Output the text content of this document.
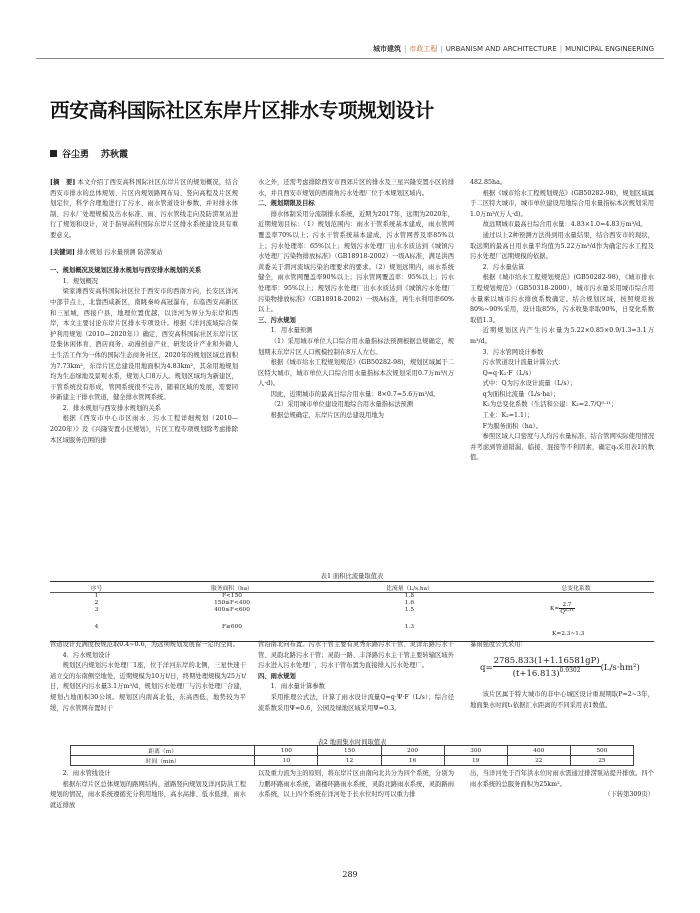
城市建筑 | 市政工程 | URBANISM AND ARCHITECTURE | MUNICIPAL ENGINEERING
西安高科国际社区东岸片区排水专项规划设计
谷尘勇 苏秋霞

[摘　要] 本文介绍了西安高科国际社区东岸片区的规划概况，结合西安市排水的总体规划、片区内规划路网布局、竖向高程及片区规划定位，科学合理地进行了污水、雨水管道设计参数，并对排水体制、污水厂处理规模及出水标准、雨、污水管线走向及防涝泵站进行了规划和设计，对于指导高科国际东岸片区排水系统建设具有重要意义。

[关键词] 排水规划 污水量预测 防涝泵站

一、规划概况及规划区排水规划与西安排水规划的关系

1．规划概况

梁家滩西安高科国际社区位于西安市的西南方向，长安区洋河中部节点上，北靠西咸新区，南眺秦岭高冠瀑布，东临西安高新区和三星城，西接户县，地理位置优越，以洋河为界分为东岸和西岸，本文主要讨论东岸片区排水专项设计。根据《洋河流域综合保护利用规划（2010—2020年）》确定，西安高科国际社区东岸片区是集休闲体育、酒店商务、动漫创意产业、研发设计产业和外籍人士生活工作为一体的国际生态商务社区，2020年的规划区域总面积为7.73km²，东岸片区总建设用地面积为4.83km²，其余用地规划均为生态绿地及景观水系，规划人口8万人。规划区域均为新建区，干管系统没有形成，管网系统很不完善，随着区域的发展，需要同步新建主干排水管道，健全排水管网系统。

2．排水规划与西安排水规划的关系

根据《西安市中心市区雨水、污水工程详细规划（2010—2020年）》及《兴隆安置小区规划》，片区工程专项规划除考虑排除本区域服务范围的排

水之外，还需考虑排除西安市西郊片区的排水及三星兴隆安置小区的排水，并且西安市规划的西南角污水处理厂位于本规划区域内。

二、规划期限及目标

排水体制采用分流制排水系统，近期为2017年，远期为2020年，近期规划目标：（1）规划范围内：雨水干管系统基本建成，雨水管网覆盖率70%以上；污水干管系统基本建成，污水管网普及率85%以上；污水处理率：65%以上；规划污水处理厂出水水质达到《城镇污水处理厂污染物排放标准》（GB18918-2002）一级A标准，满足洪西黄委关于渭河流域污染治理要求的要求。（2）规划远期内，雨水系统健全，雨水管网覆盖率90%以上；污水管网覆盖率：95%以上；污水处理率：95%以上；规划污水处理厂出水水质达到《城镇污水处理厂污染物排放标准》（GB18918-2002）一级A标准，再生水利用率60%以上。

三、污水规划

1．用水量预测

（1）采用城市单位人口综合用水量指标法预测根据总规确定，规划期末东岸片区人口规模控制在8万人左右。

根据《城市给水工程规划规范》(GB50282-98)，规划区域属于二区特大城市，城市单位人口综合用水量指标本次规划采用0.7万m³/(万人·d)。

因此，近期城市的最高日综合用水量：8×0.7=5.6万m³/d。

（2）采用城市单位建设用地综合用水量指标法预测

根据总规确定，东岸片区的总建设用地为

482.85ha。

根据《城市给水工程规划规范》(GB50282-98)，规划区域属于二区特大城市，城市单位建设用地综合用水量指标本次规划采用1.0万m³/(万人·d)。

故远期城市最高日综合用水量：4.83×1.0=4.83万m³/d。

通过以上2种预测方法得到用水量结果，结合西安市的现状，取远期的最高日用水量平均值为5.22万m³/d作为确定污水工程及污水处理厂远期规模的依据。

2．污水量估算

根据《城市给水工程规划规范》(GB50282-98)，《城市排水工程规划规范》（GB50318-2000），城市污水量采用城市综合用水量乘以城市污水排放系数确定。结合规划区域，按照规范按80%~90%采用，设计取85%，污水收集率取90%，日变化系数取值1.3。

近期规划区内产生污水量为5.22×0.85×0.9/1.3=3.1万m³/d。

3．污水管网设计参数

污水管道设计流量计算公式：

Q=q·K₂·F（L/s）

式中：Q为污水设计流量（L/s）；

q为面积比流量（L/s·ha）；

K₂为总变化系数（生活和公建：K₂=2.7/Q⁰·¹¹；

工业：K₂=1.1）；

F为服务面积（ha）。

参照区域人口密度与人均污水量标准、结合管网实际使用情况并考虑到管道错漏、临接、混接等不利因素，确定q₀采用表1的数值。

表1 面积比流量取值表
序号	服务面积（ha）	比流量（L/s.ha）	总变化系数
1	F<150	1.8	$K= \frac{2.7}{\text{Q⁰·¹¹}}$
K=2.3~1.3

2	150≤F<400	1.6	
3	400≤F<600	1.5	
4	F≥600	1.3	

管道设计充满度按规范取0.4~0.6，为远期规划发展留一定的空间。

4．污水规划设计

规划区内规划污水处理厂1座，位于洋河东岸的北侧，三星快速干道立交的东南侧空地处，近期规模为10万t/日，终期处理规模为25万t/日，规划区内污水量3.1万m³/d，规划污水处理厂与污水处理厂合建，规划占地面积30公顷。规划区内南高北低，东高西低，地势较为平缓，污水管网布置时干

管沿南北向布置。污水干管主要有灵秀东路污水干管、灵洋东路污水干管、灵韵北路污水干管；灵韵一路、丰泽路污水主干管主要转输区域外污水进入污水处理厂，污水干管布置为直接排入污水处理厂。

四、雨水规划

1．雨水量计算参数

采用推理公式法，计算了雨水设计流量Q=q·Ψ·F（L/s）；综合径流系数采用Ψ=0.6，公园及绿地区域采用Ψ=0.3。

暴雨强度公式采用：

$q= \frac{2785.833(1+1.16581gP)}{(t+16.813)^{0.9302}} (L/s\cdot hm^2)$

该片区属于特大城市的非中心城区设计重现期取P=2~3年，地面集水时间t₁依据汇水距离的不同采用表1数值。

表2 地面集水时间取值表
距离（m）	100	150	200	300	400	500
时间（min）	10	12	16	19	22	25

2．雨水管线设计

根据东岸片区总体规划的路网结构、道路竖向规划及洋河防洪工程规划的情况，雨水系统遵循充分利用地形，高水高排、低水低排，雨水就近排放

以及重力流为主的原则，将东岸片区由南向北共分为四个系统，分别为力鹏环路雨水系统，诸楼环路雨水系统，灵韵北路雨水系统，灵韵路雨水系统，以上四个系统在洋河处于长水位时均可以重力排

出，当洋河处于百年洪水位时雨水需通过排涝泵站提升排放。四个雨水系统的总服务面积为25km²。

（下转第309页）

289
